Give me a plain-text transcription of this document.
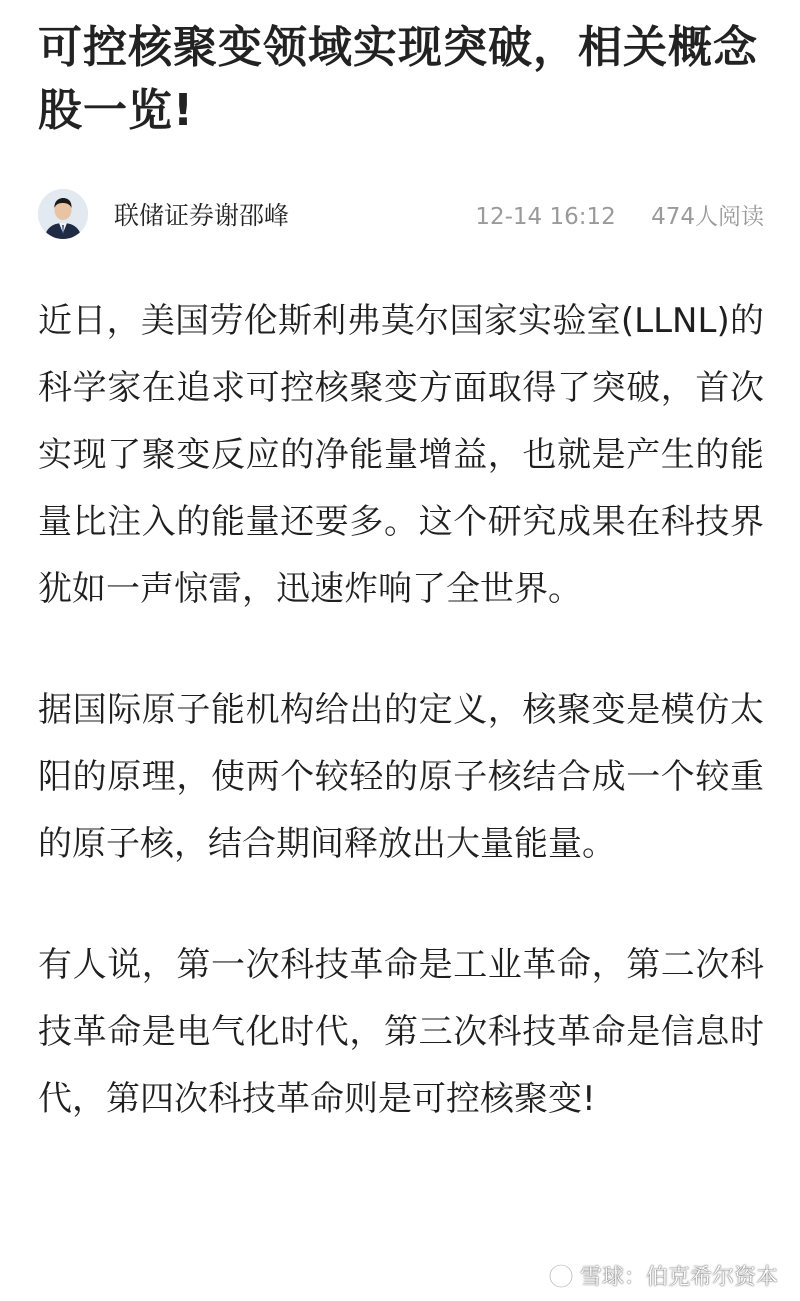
可控核聚变领域实现突破，相关概念股一览!
联储证券谢邵峰	12-14 16:12 474人阅读

近日，美国劳伦斯利弗莫尔国家实验室(LLNL)的科学家在追求可控核聚变方面取得了突破，首次实现了聚变反应的净能量增益，也就是产生的能量比注入的能量还要多。这个研究成果在科技界犹如一声惊雷，迅速炸响了全世界。

据国际原子能机构给出的定义，核聚变是模仿太阳的原理，使两个较轻的原子核结合成一个较重的原子核，结合期间释放出大量能量。

有人说，第一次科技革命是工业革命，第二次科技革命是电气化时代，第三次科技革命是信息时代，第四次科技革命则是可控核聚变!

雪球：伯克希尔资本
